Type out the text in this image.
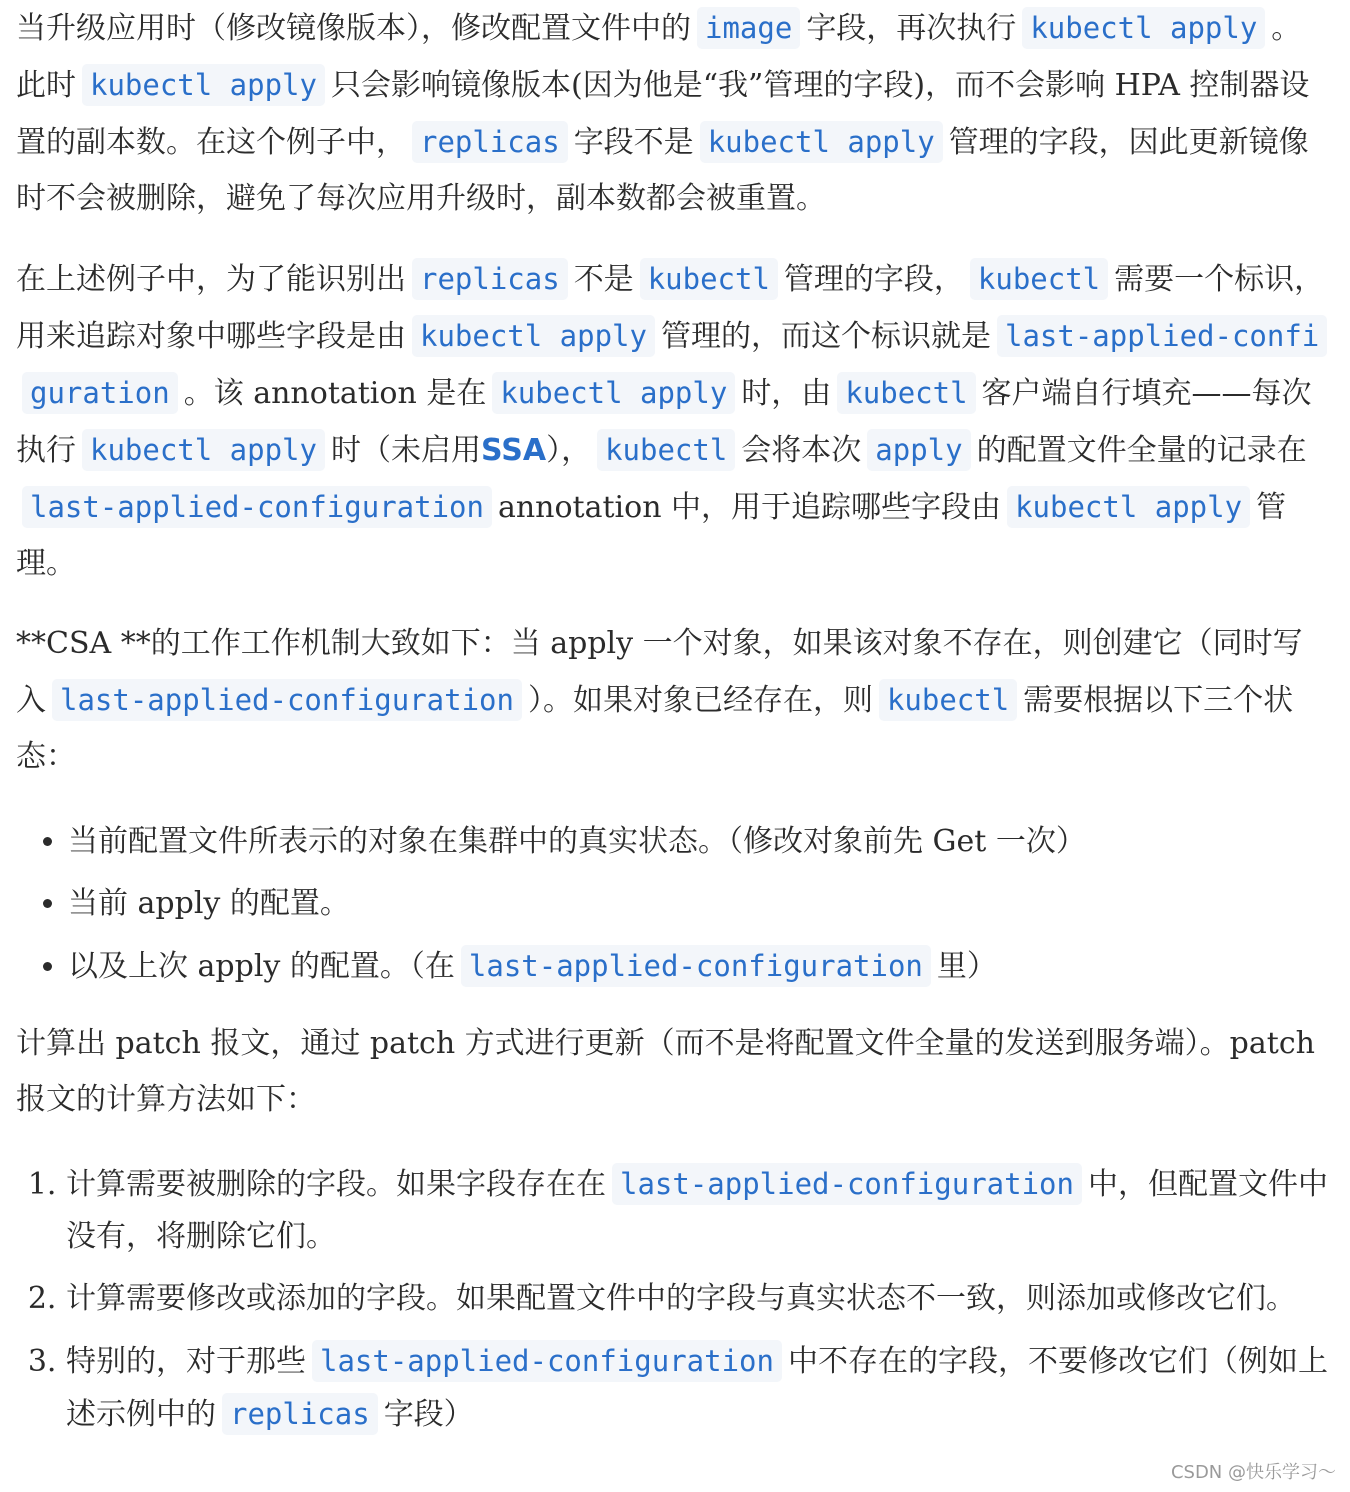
当升级应用时（修改镜像版本），修改配置文件中的 image 字段，再次执行 kubectl apply 。此时 kubectl apply 只会影响镜像版本(因为他是“我”管理的字段)，而不会影响 HPA 控制器设置的副本数。在这个例子中， replicas 字段不是 kubectl apply 管理的字段，因此更新镜像时不会被删除，避免了每次应用升级时，副本数都会被重置。

在上述例子中，为了能识别出 replicas 不是 kubectl 管理的字段， kubectl 需要一个标识，用来追踪对象中哪些字段是由 kubectl apply 管理的，而这个标识就是 last-applied-configuration 。该 annotation 是在 kubectl apply 时，由 kubectl 客户端自行填充——每次执行 kubectl apply 时（未启用SSA）， kubectl 会将本次 apply 的配置文件全量的记录在last-applied-configuration annotation 中，用于追踪哪些字段由 kubectl apply 管理。

**CSA **的工作工作机制大致如下：当 apply 一个对象，如果该对象不存在，则创建它（同时写入 last-applied-configuration ）。如果对象已经存在，则 kubectl 需要根据以下三个状态：

• 当前配置文件所表示的对象在集群中的真实状态。（修改对象前先 Get 一次）
• 当前 apply 的配置。
• 以及上次 apply 的配置。（在 last-applied-configuration 里）

计算出 patch 报文，通过 patch 方式进行更新（而不是将配置文件全量的发送到服务端）。patch 报文的计算方法如下：

1. 计算需要被删除的字段。如果字段存在在 last-applied-configuration 中，但配置文件中没有，将删除它们。
2. 计算需要修改或添加的字段。如果配置文件中的字段与真实状态不一致，则添加或修改它们。
3. 特别的，对于那些 last-applied-configuration 中不存在的字段，不要修改它们（例如上述示例中的 replicas 字段）
CSDN @快乐学习～
